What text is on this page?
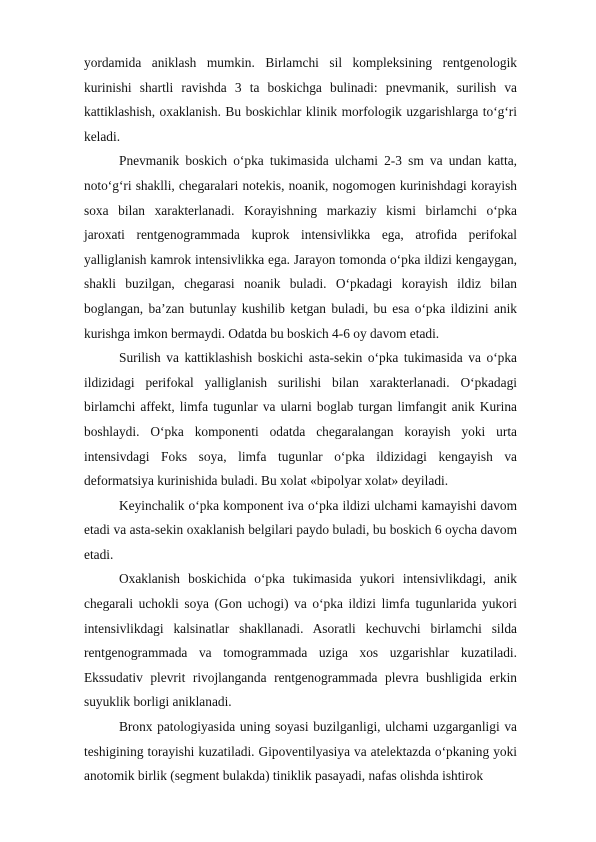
yordamida aniklash mumkin. Birlamchi sil kompleksining rentgenologik kurinishi shartli ravishda 3 ta boskichga bulinadi: pnevmanik, surilish va kattiklashish, oxaklanish. Bu boskichlar klinik morfologik uzgarishlarga to‘g‘ri keladi.

Pnevmanik boskich o‘pka tukimasida ulchami 2-3 sm va undan katta, noto‘g‘ri shaklli, chegaralari notekis, noanik, nogomogen kurinishdagi korayish soxa bilan xarakterlanadi. Korayishning markaziy kismi birlamchi o‘pka jaroxati rentgenogrammada kuprok intensivlikka ega, atrofida perifokal yalliglanish kamrok intensivlikka ega. Jarayon tomonda o‘pka ildizi kengaygan, shakli buzilgan, chegarasi noanik buladi. O‘pkadagi korayish ildiz bilan boglangan, ba’zan butunlay kushilib ketgan buladi, bu esa o‘pka ildizini anik kurishga imkon bermaydi. Odatda bu boskich 4-6 oy davom etadi.

Surilish va kattiklashish boskichi asta-sekin o‘pka tukimasida va o‘pka ildizidagi perifokal yalliglanish surilishi bilan xarakterlanadi. O‘pkadagi birlamchi affekt, limfa tugunlar va ularni boglab turgan limfangit anik Kurina boshlaydi. O‘pka komponenti odatda chegaralangan korayish yoki urta intensivdagi Foks soya, limfa tugunlar o‘pka ildizidagi kengayish va deformatsiya kurinishida buladi. Bu xolat «bipolyar xolat» deyiladi.

Keyinchalik o‘pka komponent iva o‘pka ildizi ulchami kamayishi davom etadi va asta-sekin oxaklanish belgilari paydo buladi, bu boskich 6 oycha davom etadi.

Oxaklanish boskichida o‘pka tukimasida yukori intensivlikdagi, anik chegarali uchokli soya (Gon uchogi) va o‘pka ildizi limfa tugunlarida yukori intensivlikdagi kalsinatlar shakllanadi. Asoratli kechuvchi birlamchi silda rentgenogrammada va tomogrammada uziga xos uzgarishlar kuzatiladi. Ekssudativ plevrit rivojlanganda rentgenogrammada plevra bushligida erkin suyuklik borligi aniklanadi.

Bronx patologiyasida uning soyasi buzilganligi, ulchami uzgarganligi va teshigining torayishi kuzatiladi. Gipoventilyasiya va atelektazda o‘pkaning yoki anotomik birlik (segment bulakda) tiniklik pasayadi, nafas olishda ishtirok
